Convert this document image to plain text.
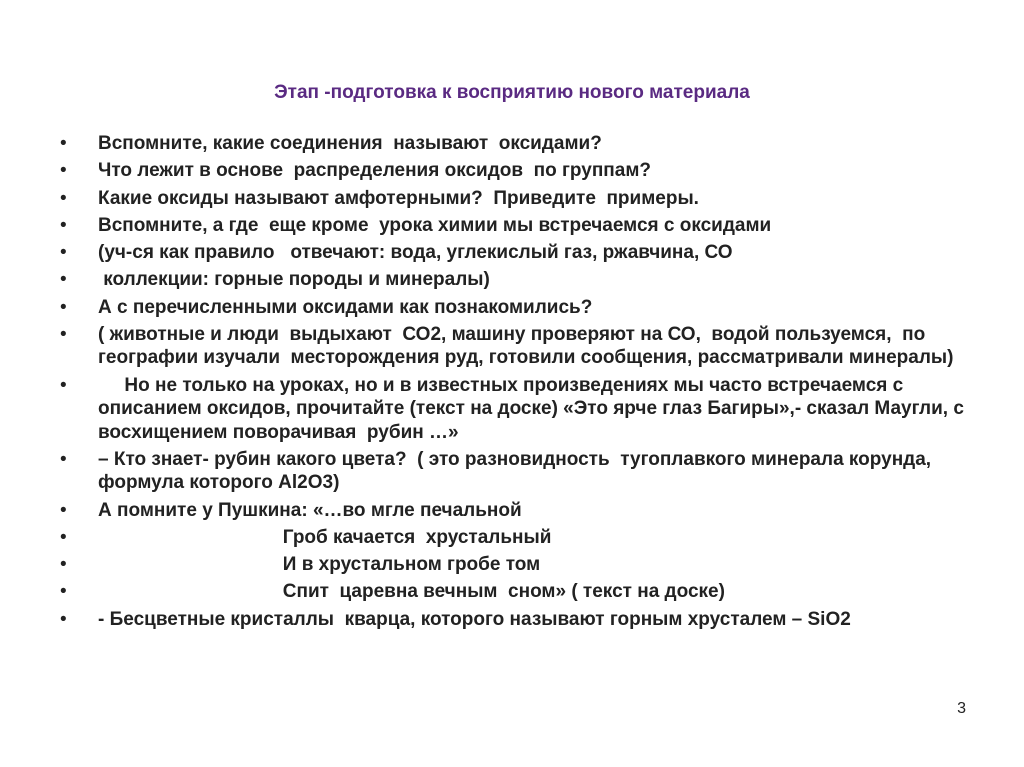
Этап -подготовка к восприятию нового материала
• Вспомните, какие соединения  называют  оксидами?
• Что лежит в основе  распределения оксидов  по группам?
• Какие оксиды называют амфотерными?  Приведите  примеры.
• Вспомните, а где  еще кроме  урока химии мы встречаемся с оксидами
• (уч-ся как правило   отвечают: вода, углекислый газ, ржавчина, СО
• коллекции: горные породы и минералы)
• А с перечисленными оксидами как познакомились?
• ( животные и люди  выдыхают  СО2, машину проверяют на СО,  водой пользуемся,  по географии изучали  месторождения руд, готовили сообщения, рассматривали минералы)
• Но не только на уроках, но и в известных произведениях мы часто встречаемся с описанием оксидов, прочитайте (текст на доске) «Это ярче глаз Багиры»,- сказал Маугли, с восхищением поворачивая  рубин …»
• – Кто знает- рубин какого цвета?  ( это разновидность  тугоплавкого минерала корунда, формула которого Al2O3)
• А помните у Пушкина: «…во мгле печальной
• Гроб качается  хрустальный
• И в хрустальном гробе том
• Спит  царевна вечным  сном» ( текст на доске)
• - Бесцветные кристаллы  кварца, которого называют горным хрусталем – SiO2
3
